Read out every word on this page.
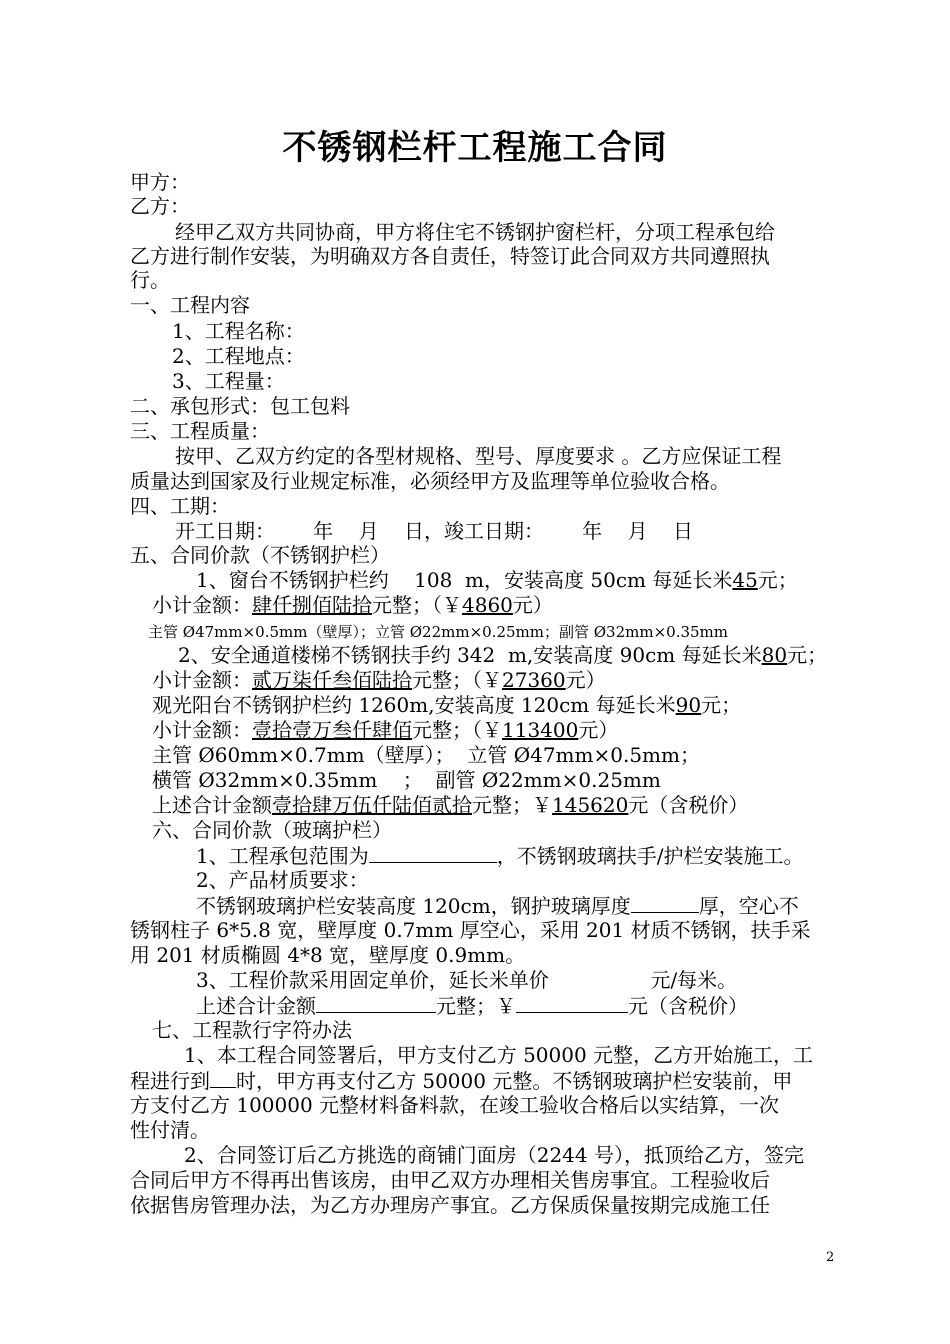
不锈钢栏杆工程施工合同

甲方：

乙方：

经甲乙双方共同协商，甲方将住宅不锈钢护窗栏杆，分项工程承包给

乙方进行制作安装，为明确双方各自责任，特签订此合同双方共同遵照执

行。

一、工程内容

1、工程名称：

2、工程地点：

3、工程量：

二、承包形式：包工包料

三、工程质量：

按甲、乙双方约定的各型材规格、型号、厚度要求 。乙方应保证工程

质量达到国家及行业规定标准，必须经甲方及监理等单位验收合格。

四、工期：

开工日期：      年    月    日，竣工日期：      年    月    日

五、合同价款（不锈钢护栏）

1、窗台不锈钢护栏约    108  m，安装高度 50cm 每延长米45元；

小计金额：肆仟捌佰陆拾元整；（￥4860元）

主管 Ø47mm×0.5mm（壁厚）；立管 Ø22mm×0.25mm；副管 Ø32mm×0.35mm

2、安全通道楼梯不锈钢扶手约 342  m,安装高度 90cm 每延长米80元；

小计金额：贰万柒仟叁佰陆拾元整；（￥27360元）

观光阳台不锈钢护栏约 1260m,安装高度 120cm 每延长米90元；

小计金额：壹拾壹万叁仟肆佰元整；（￥113400元）

主管 Ø60mm×0.7mm（壁厚）；  立管 Ø47mm×0.5mm；

横管 Ø32mm×0.35mm    ；  副管 Ø22mm×0.25mm

上述合计金额壹拾肆万伍仟陆佰贰拾元整；￥145620元（含税价）

六、合同价款（玻璃护栏）

1、工程承包范围为	，不锈钢玻璃扶手/护栏安装施工。

2、产品材质要求：

不锈钢玻璃护栏安装高度 120cm，钢护玻璃厚度	厚，空心不

锈钢柱子 6*5.8 宽，壁厚度 0.7mm 厚空心，采用 201 材质不锈钢，扶手采

用 201 材质椭圆 4*8 宽，壁厚度 0.9mm。

3、工程价款采用固定单价，延长米单价                元/每米。

上述合计金额	元整；￥	元（含税价）

七、工程款行字符办法

1、本工程合同签署后，甲方支付乙方 50000 元整，乙方开始施工，工

程进行到 时，甲方再支付乙方 50000 元整。不锈钢玻璃护栏安装前，甲

方支付乙方 100000 元整材料备料款，在竣工验收合格后以实结算，一次

性付清。

2、合同签订后乙方挑选的商铺门面房（2244 号），抵顶给乙方，签完

合同后甲方不得再出售该房，由甲乙双方办理相关售房事宜。工程验收后

依据售房管理办法，为乙方办理房产事宜。乙方保质保量按期完成施工任

2
